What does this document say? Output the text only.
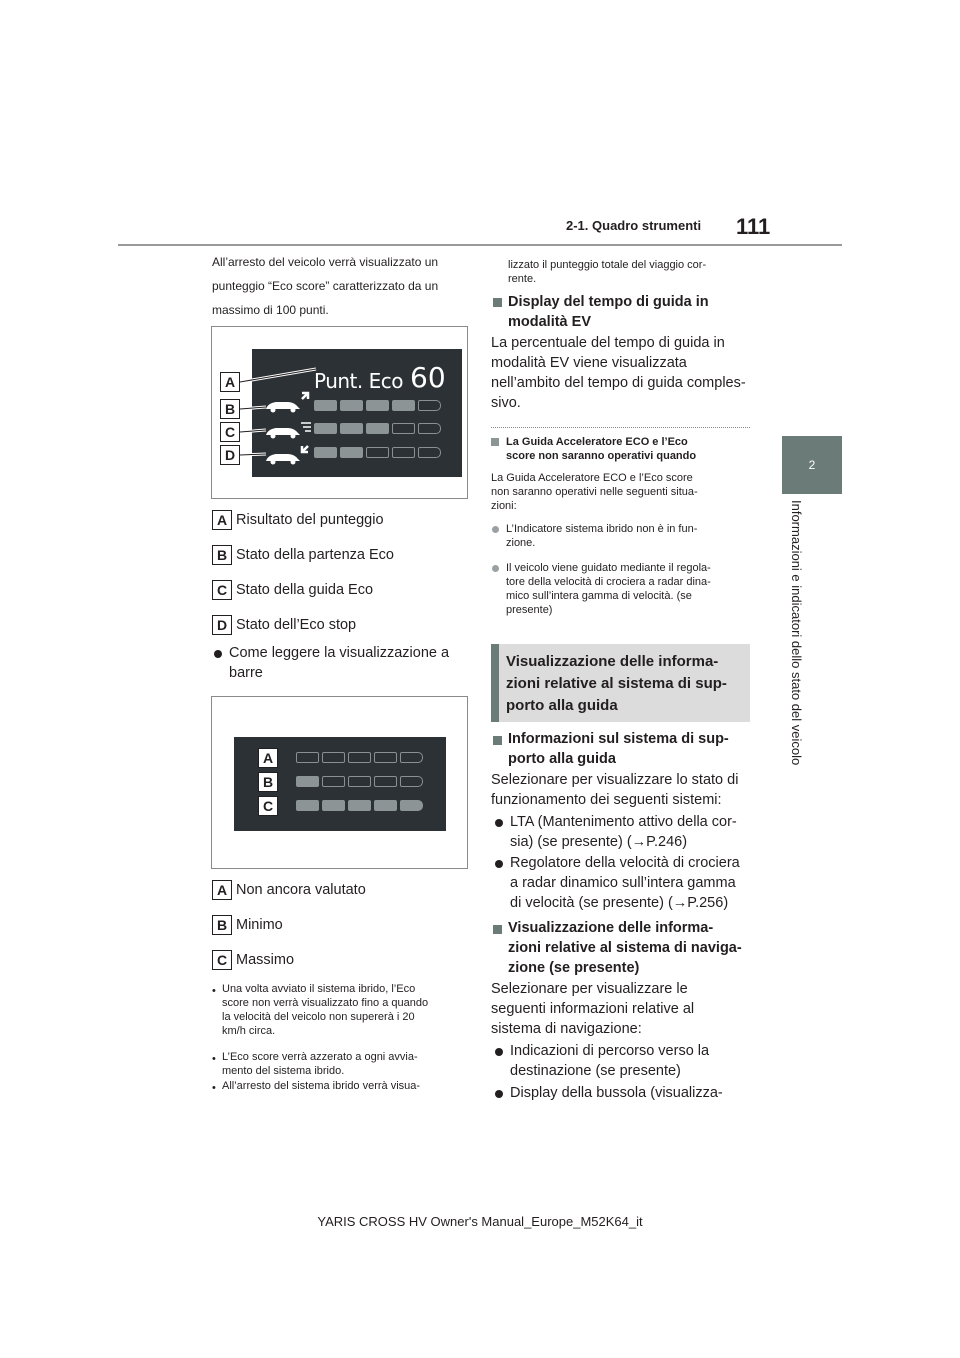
2-1. Quadro strumenti 111
2
Informazioni e indicatori dello stato del veicolo
All’arresto del veicolo verrà visualizzato un
punteggio “Eco score” caratterizzato da un
massimo di 100 punti.
Punt. Eco 60
A
B
C
D
A Risultato del punteggio
B Stato della partenza Eco
C Stato della guida Eco
D Stato dell’Eco stop
Come leggere la visualizzazione a
barre
A
B
C
A Non ancora valutato
B Minimo
C Massimo
• Una volta avviato il sistema ibrido, l’Eco
score non verrà visualizzato fino a quando
la velocità del veicolo non supererà i 20
km/h circa.
• L’Eco score verrà azzerato a ogni avvia-
mento del sistema ibrido.
• All’arresto del sistema ibrido verrà visua-
lizzato il punteggio totale del viaggio cor-
rente.
Display del tempo di guida in
modalità EV
La percentuale del tempo di guida in
modalità EV viene visualizzata
nell’ambito del tempo di guida comples-
sivo.
La Guida Acceleratore ECO e l’Eco
score non saranno operativi quando
La Guida Acceleratore ECO e l’Eco score
non saranno operativi nelle seguenti situa-
zioni:
L’Indicatore sistema ibrido non è in fun-
zione.
Il veicolo viene guidato mediante il regola-
tore della velocità di crociera a radar dina-
mico sull’intera gamma di velocità. (se
presente)
Visualizzazione delle informa-
zioni relative al sistema di sup-
porto alla guida
Informazioni sul sistema di sup-
porto alla guida
Selezionare per visualizzare lo stato di
funzionamento dei seguenti sistemi:
LTA (Mantenimento attivo della cor-
sia) (se presente) (→P.246)
Regolatore della velocità di crociera
a radar dinamico sull’intera gamma
di velocità (se presente) (→P.256)
Visualizzazione delle informa-
zioni relative al sistema di naviga-
zione (se presente)
Selezionare per visualizzare le
seguenti informazioni relative al
sistema di navigazione:
Indicazioni di percorso verso la
destinazione (se presente)
Display della bussola (visualizza-
YARIS CROSS HV Owner's Manual_Europe_M52K64_it
